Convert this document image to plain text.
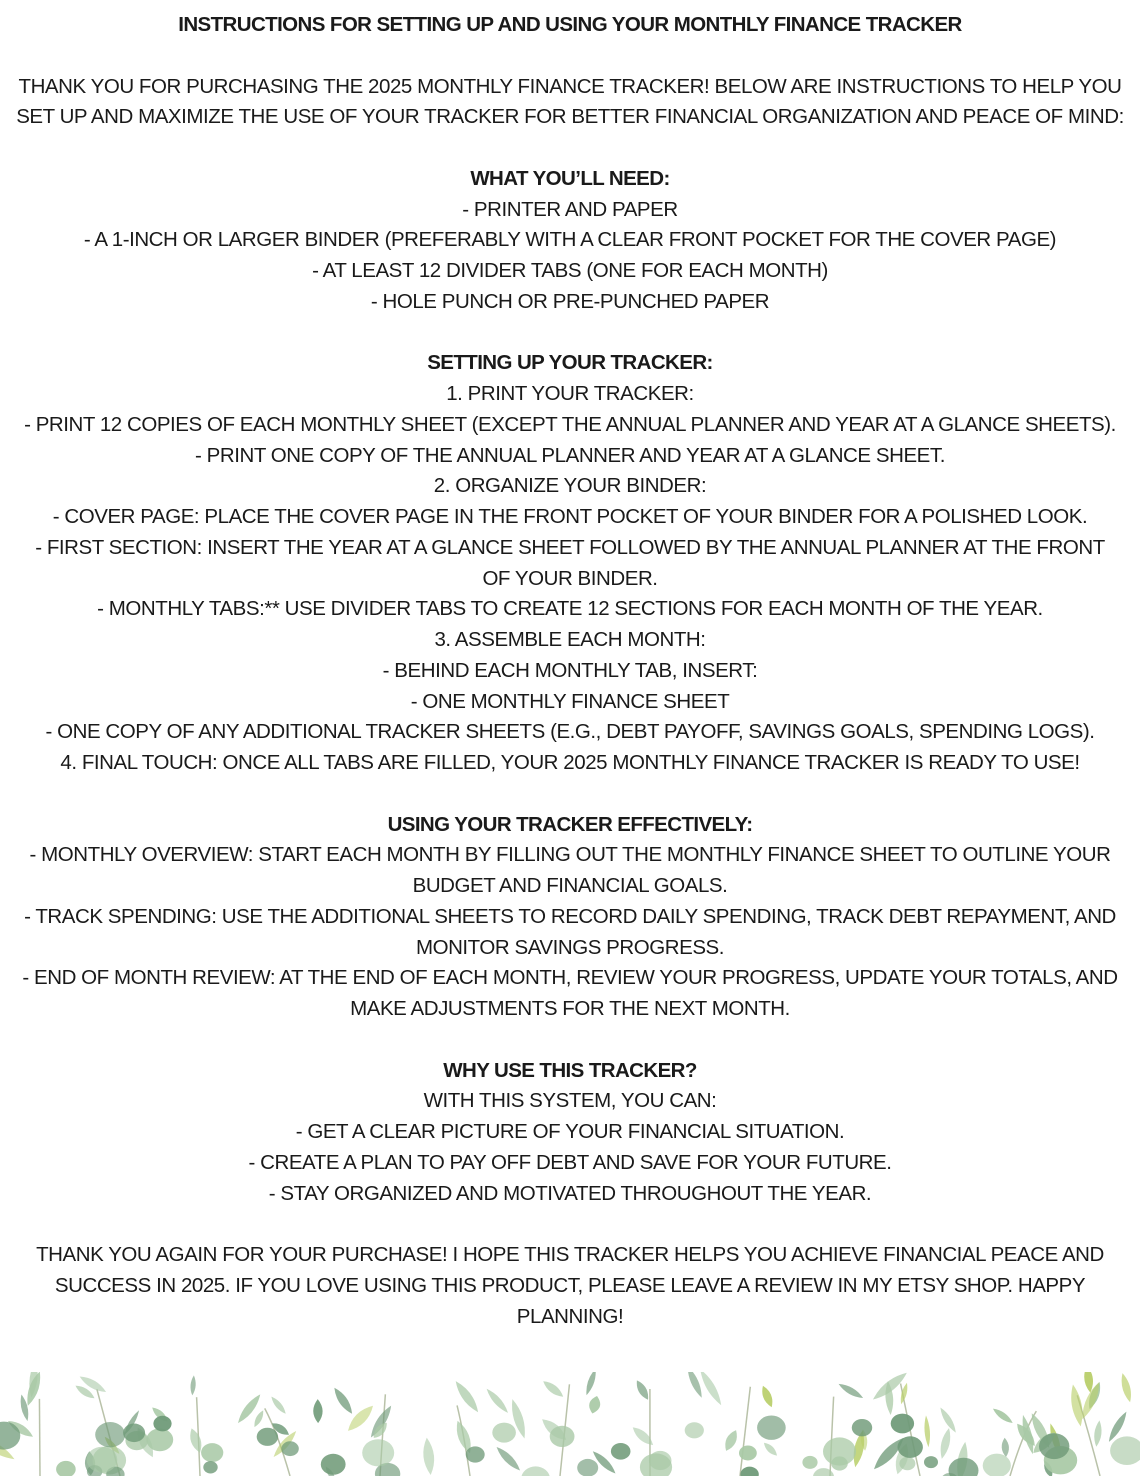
INSTRUCTIONS FOR SETTING UP AND USING YOUR MONTHLY FINANCE TRACKER

THANK YOU FOR PURCHASING THE 2025 MONTHLY FINANCE TRACKER! BELOW ARE INSTRUCTIONS TO HELP YOU SET UP AND MAXIMIZE THE USE OF YOUR TRACKER FOR BETTER FINANCIAL ORGANIZATION AND PEACE OF MIND:

WHAT YOU’LL NEED:

- PRINTER AND PAPER

- A 1-INCH OR LARGER BINDER (PREFERABLY WITH A CLEAR FRONT POCKET FOR THE COVER PAGE)

- AT LEAST 12 DIVIDER TABS (ONE FOR EACH MONTH)

- HOLE PUNCH OR PRE-PUNCHED PAPER

SETTING UP YOUR TRACKER:

1. PRINT YOUR TRACKER:

- PRINT 12 COPIES OF EACH MONTHLY SHEET (EXCEPT THE ANNUAL PLANNER AND YEAR AT A GLANCE SHEETS).

- PRINT ONE COPY OF THE ANNUAL PLANNER AND YEAR AT A GLANCE SHEET.

2. ORGANIZE YOUR BINDER:

- COVER PAGE: PLACE THE COVER PAGE IN THE FRONT POCKET OF YOUR BINDER FOR A POLISHED LOOK.

- FIRST SECTION: INSERT THE YEAR AT A GLANCE SHEET FOLLOWED BY THE ANNUAL PLANNER AT THE FRONT OF YOUR BINDER.

- MONTHLY TABS:** USE DIVIDER TABS TO CREATE 12 SECTIONS FOR EACH MONTH OF THE YEAR.

3. ASSEMBLE EACH MONTH:

- BEHIND EACH MONTHLY TAB, INSERT:

- ONE MONTHLY FINANCE SHEET

- ONE COPY OF ANY ADDITIONAL TRACKER SHEETS (E.G., DEBT PAYOFF, SAVINGS GOALS, SPENDING LOGS).

4. FINAL TOUCH: ONCE ALL TABS ARE FILLED, YOUR 2025 MONTHLY FINANCE TRACKER IS READY TO USE!

USING YOUR TRACKER EFFECTIVELY:

- MONTHLY OVERVIEW: START EACH MONTH BY FILLING OUT THE MONTHLY FINANCE SHEET TO OUTLINE YOUR BUDGET AND FINANCIAL GOALS.

- TRACK SPENDING: USE THE ADDITIONAL SHEETS TO RECORD DAILY SPENDING, TRACK DEBT REPAYMENT, AND MONITOR SAVINGS PROGRESS.

- END OF MONTH REVIEW: AT THE END OF EACH MONTH, REVIEW YOUR PROGRESS, UPDATE YOUR TOTALS, AND MAKE ADJUSTMENTS FOR THE NEXT MONTH.

WHY USE THIS TRACKER?

WITH THIS SYSTEM, YOU CAN:

- GET A CLEAR PICTURE OF YOUR FINANCIAL SITUATION.

- CREATE A PLAN TO PAY OFF DEBT AND SAVE FOR YOUR FUTURE.

- STAY ORGANIZED AND MOTIVATED THROUGHOUT THE YEAR.

THANK YOU AGAIN FOR YOUR PURCHASE! I HOPE THIS TRACKER HELPS YOU ACHIEVE FINANCIAL PEACE AND SUCCESS IN 2025. IF YOU LOVE USING THIS PRODUCT, PLEASE LEAVE A REVIEW IN MY ETSY SHOP. HAPPY PLANNING!
